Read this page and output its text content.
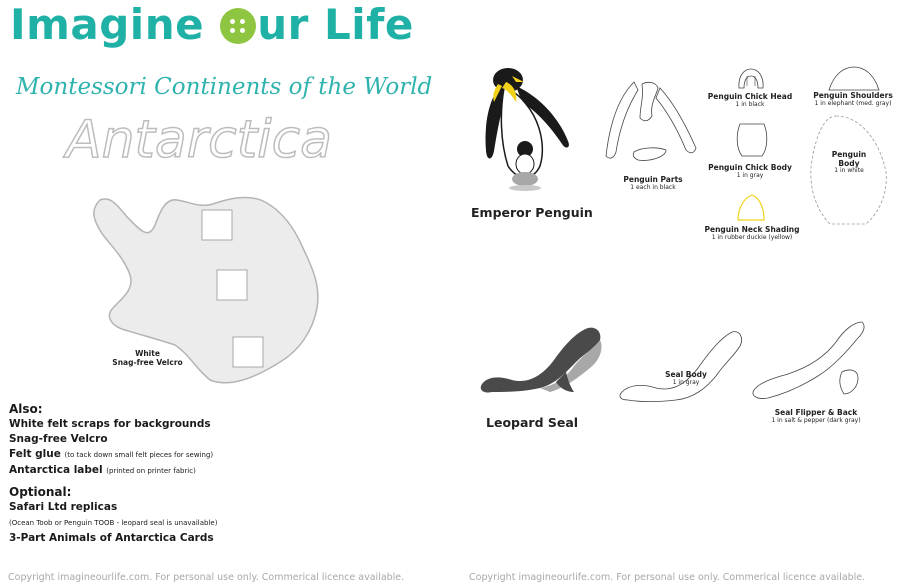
Imagine
ur Life
Montessori Continents of the World
Antarctica
White
Snag-free Velcro
Also:
White felt scraps for backgrounds
Snag-free Velcro
Felt glue (to tack down small felt pieces for sewing)
Antarctica label (printed on printer fabric)
Optional:
Safari Ltd replicas
(Ocean Toob or Penguin TOOB - leopard seal is unavailable)
3-Part Animals of Antarctica Cards
Emperor Penguin
Penguin Parts
1 each in black
Penguin Chick Head
1 in black
Penguin Shoulders
1 in elephant (med. gray)
Penguin Chick Body
1 in gray
Penguin Neck Shading
1 in rubber duckie (yellow)
Penguin
Body
1 in white
Leopard Seal
Seal Body
1 in gray
Seal Flipper & Back
1 in salt & pepper (dark gray)
Copyright imagineourlife.com. For personal use only. Commerical licence available.	Copyright imagineourlife.com. For personal use only. Commerical licence available.
